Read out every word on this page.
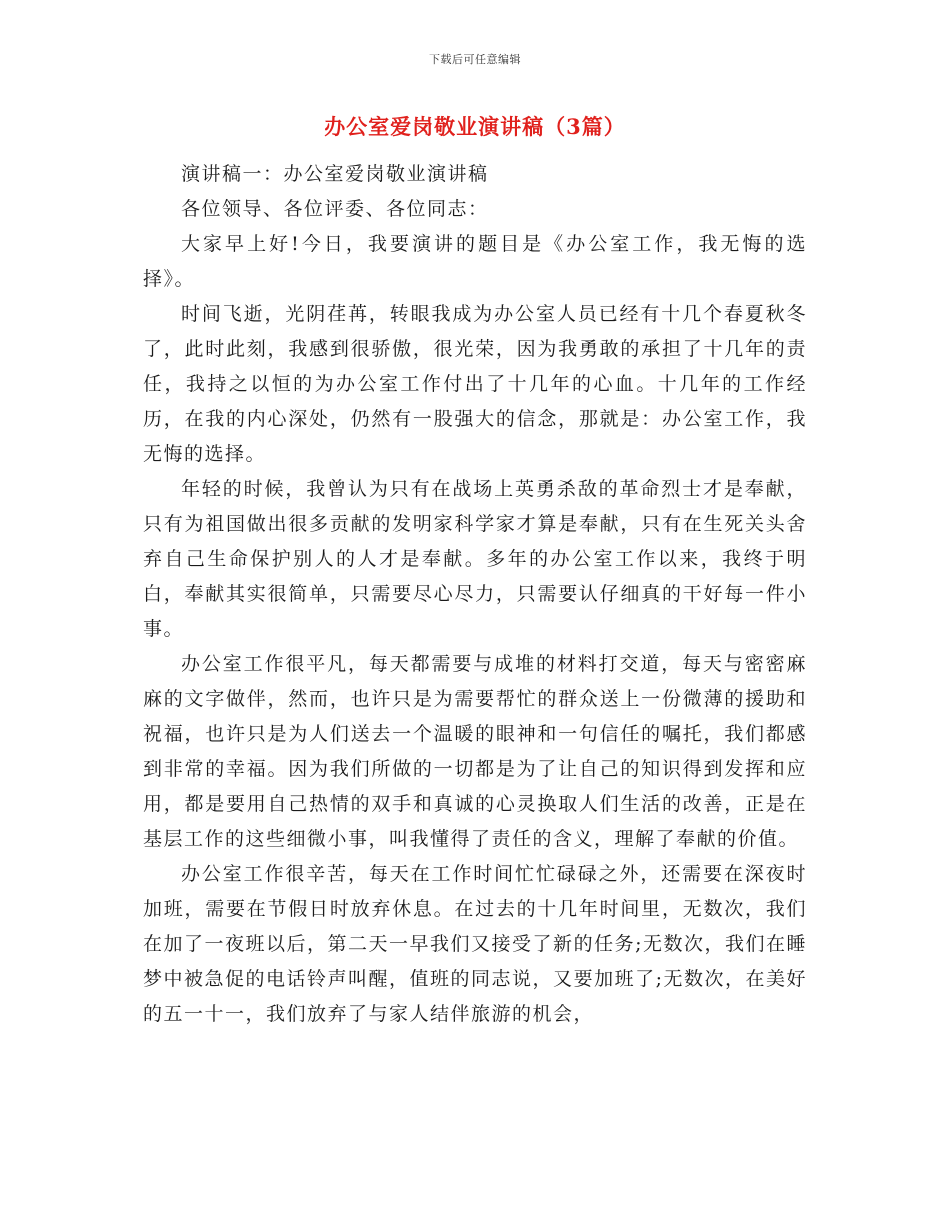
下载后可任意编辑
办公室爱岗敬业演讲稿（3篇）

演讲稿一：办公室爱岗敬业演讲稿

各位领导、各位评委、各位同志：

大家早上好!今日，我要演讲的题目是《办公室工作，我无悔的选择》。

时间飞逝，光阴荏苒，转眼我成为办公室人员已经有十几个春夏秋冬了，此时此刻，我感到很骄傲，很光荣，因为我勇敢的承担了十几年的责任，我持之以恒的为办公室工作付出了十几年的心血。十几年的工作经历，在我的内心深处，仍然有一股强大的信念，那就是：办公室工作，我无悔的选择。

年轻的时候，我曾认为只有在战场上英勇杀敌的革命烈士才是奉献，只有为祖国做出很多贡献的发明家科学家才算是奉献，只有在生死关头舍弃自己生命保护别人的人才是奉献。多年的办公室工作以来，我终于明白，奉献其实很简单，只需要尽心尽力，只需要认仔细真的干好每一件小事。

办公室工作很平凡，每天都需要与成堆的材料打交道，每天与密密麻麻的文字做伴，然而，也许只是为需要帮忙的群众送上一份微薄的援助和祝福，也许只是为人们送去一个温暖的眼神和一句信任的嘱托，我们都感到非常的幸福。因为我们所做的一切都是为了让自己的知识得到发挥和应用，都是要用自己热情的双手和真诚的心灵换取人们生活的改善，正是在基层工作的这些细微小事，叫我懂得了责任的含义，理解了奉献的价值。

办公室工作很辛苦，每天在工作时间忙忙碌碌之外，还需要在深夜时加班，需要在节假日时放弃休息。在过去的十几年时间里，无数次，我们在加了一夜班以后，第二天一早我们又接受了新的任务;无数次，我们在睡梦中被急促的电话铃声叫醒，值班的同志说，又要加班了;无数次，在美好的五一十一，我们放弃了与家人结伴旅游的机会，
